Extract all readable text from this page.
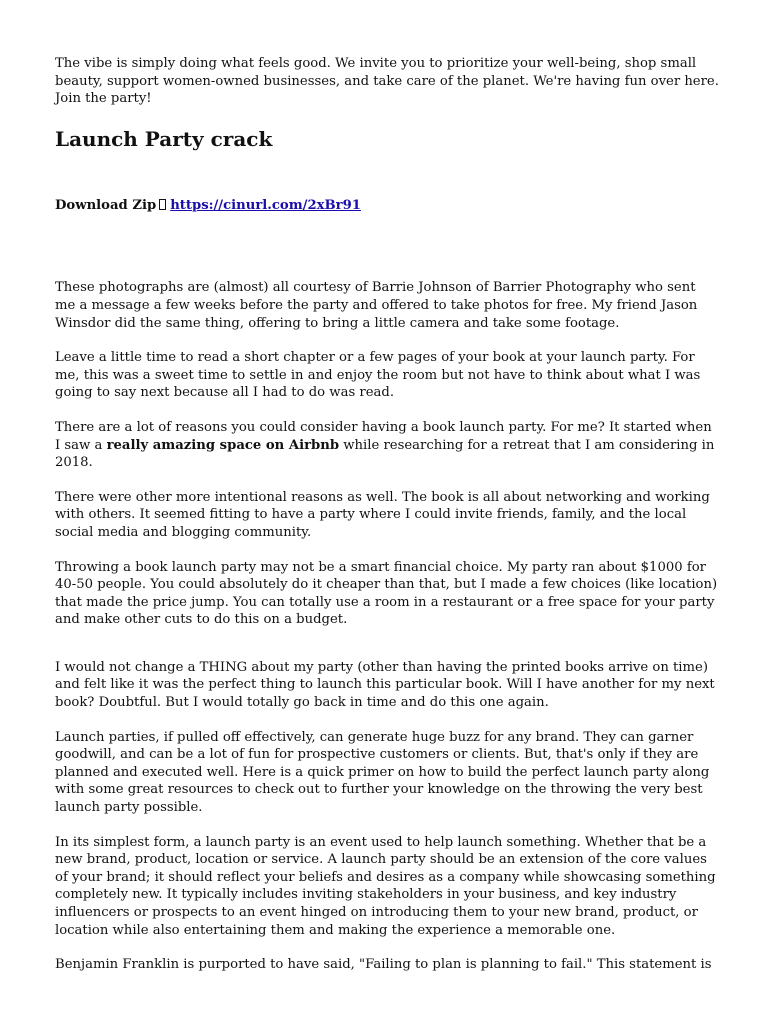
The vibe is simply doing what feels good. We invite you to prioritize your well-being, shop small beauty, support women-owned businesses, and take care of the planet. We're having fun over here. Join the party!

Launch Party crack

Download Zip https://cinurl.com/2xBr91

These photographs are (almost) all courtesy of Barrie Johnson of Barrier Photography who sent me a message a few weeks before the party and offered to take photos for free. My friend Jason Winsdor did the same thing, offering to bring a little camera and take some footage.

Leave a little time to read a short chapter or a few pages of your book at your launch party. For me, this was a sweet time to settle in and enjoy the room but not have to think about what I was going to say next because all I had to do was read.

There are a lot of reasons you could consider having a book launch party. For me? It started when I saw a really amazing space on Airbnb while researching for a retreat that I am considering in 2018.

There were other more intentional reasons as well. The book is all about networking and working with others. It seemed fitting to have a party where I could invite friends, family, and the local social media and blogging community.

Throwing a book launch party may not be a smart financial choice. My party ran about $1000 for 40-50 people. You could absolutely do it cheaper than that, but I made a few choices (like location) that made the price jump. You can totally use a room in a restaurant or a free space for your party and make other cuts to do this on a budget.

I would not change a THING about my party (other than having the printed books arrive on time) and felt like it was the perfect thing to launch this particular book. Will I have another for my next book? Doubtful. But I would totally go back in time and do this one again.

Launch parties, if pulled off effectively, can generate huge buzz for any brand. They can garner goodwill, and can be a lot of fun for prospective customers or clients. But, that's only if they are planned and executed well. Here is a quick primer on how to build the perfect launch party along with some great resources to check out to further your knowledge on the throwing the very best launch party possible.

In its simplest form, a launch party is an event used to help launch something. Whether that be a new brand, product, location or service. A launch party should be an extension of the core values of your brand; it should reflect your beliefs and desires as a company while showcasing something completely new. It typically includes inviting stakeholders in your business, and key industry influencers or prospects to an event hinged on introducing them to your new brand, product, or location while also entertaining them and making the experience a memorable one.

Benjamin Franklin is purported to have said, "Failing to plan is planning to fail." This statement is
